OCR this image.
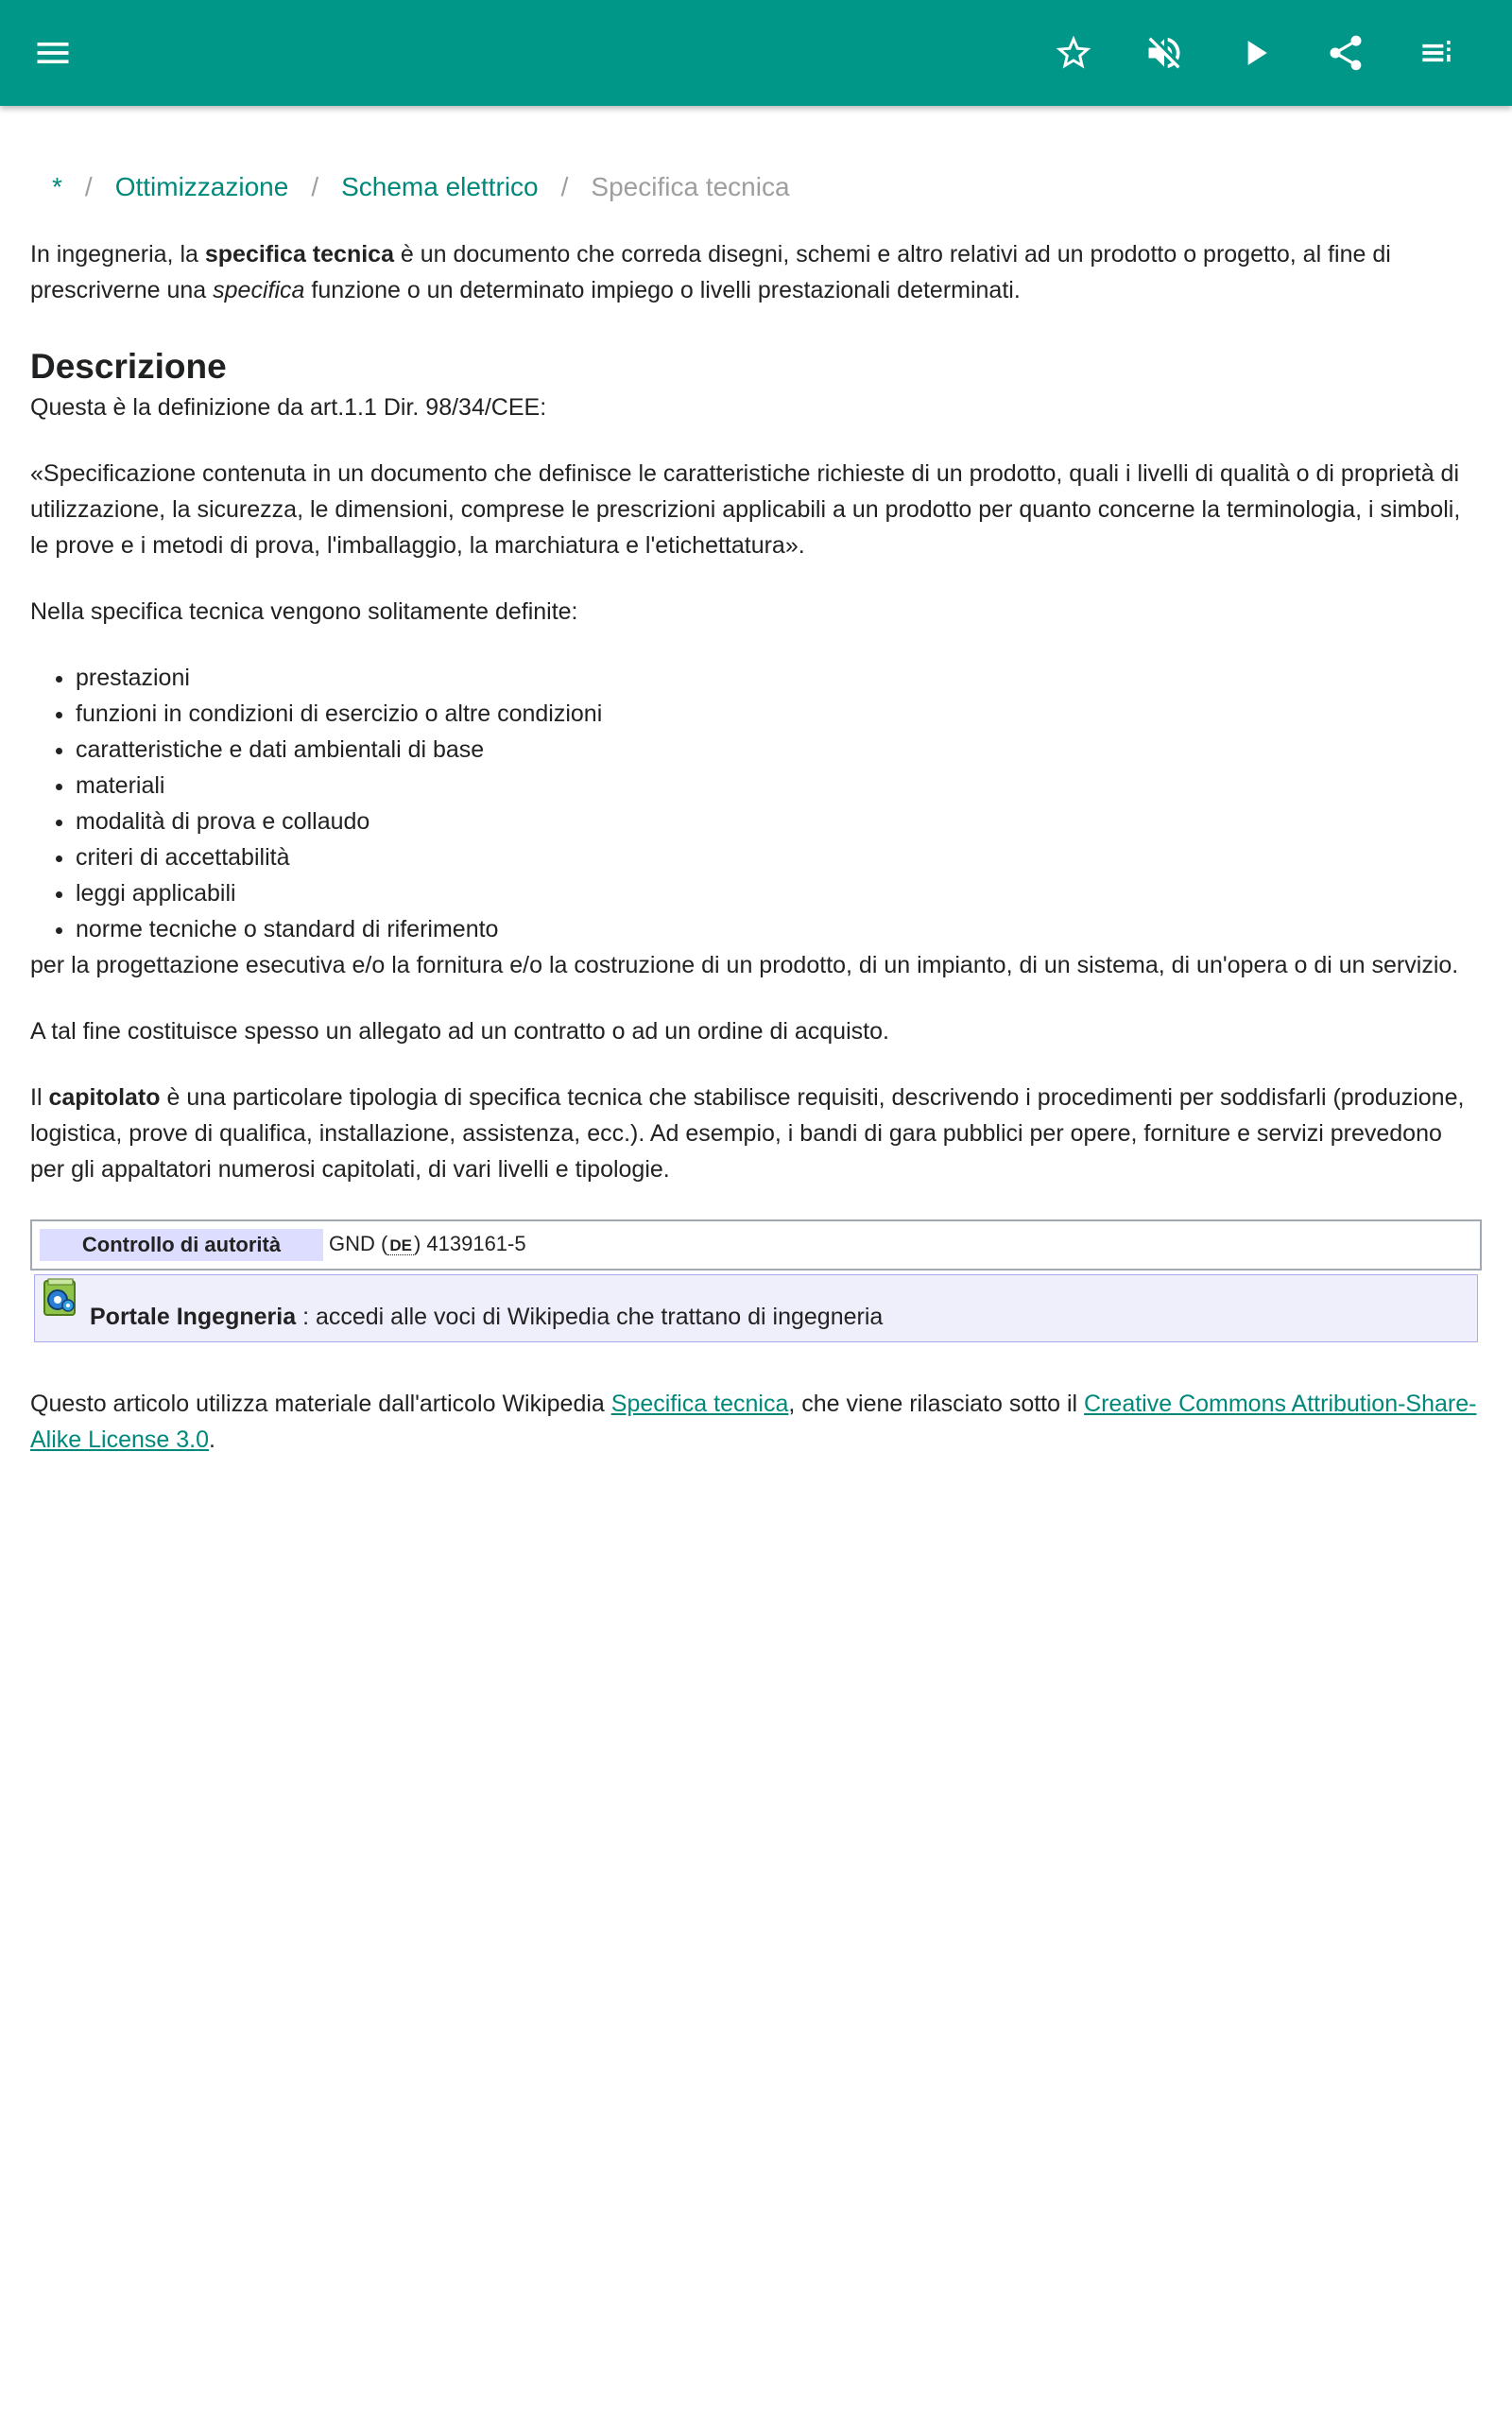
* / Ottimizzazione / Schema elettrico / Specifica tecnica

In ingegneria, la specifica tecnica è un documento che correda disegni, schemi e altro relativi ad un prodotto o progetto, al fine di prescriverne una specifica funzione o un determinato impiego o livelli prestazionali determinati.

Descrizione

Questa è la definizione da art.1.1 Dir. 98/34/CEE:

«Specificazione contenuta in un documento che definisce le caratteristiche richieste di un prodotto, quali i livelli di qualità o di proprietà di utilizzazione, la sicurezza, le dimensioni, comprese le prescrizioni applicabili a un prodotto per quanto concerne la terminologia, i simboli, le prove e i metodi di prova, l'imballaggio, la marchiatura e l'etichettatura».

Nella specifica tecnica vengono solitamente definite:

• prestazioni
• funzioni in condizioni di esercizio o altre condizioni
• caratteristiche e dati ambientali di base
• materiali
• modalità di prova e collaudo
• criteri di accettabilità
• leggi applicabili
• norme tecniche o standard di riferimento

per la progettazione esecutiva e/o la fornitura e/o la costruzione di un prodotto, di un impianto, di un sistema, di un'opera o di un servizio.

A tal fine costituisce spesso un allegato ad un contratto o ad un ordine di acquisto.

Il capitolato è una particolare tipologia di specifica tecnica che stabilisce requisiti, descrivendo i procedimenti per soddisfarli (produzione, logistica, prove di qualifica, installazione, assistenza, ecc.). Ad esempio, i bandi di gara pubblici per opere, forniture e servizi prevedono per gli appaltatori numerosi capitolati, di vari livelli e tipologie.

Controllo di autorità	GND ( DE) 4139161-5
Portale Ingegneria : accedi alle voci di Wikipedia che trattano di ingegneria

Questo articolo utilizza materiale dall'articolo Wikipedia Specifica tecnica, che viene rilasciato sotto il Creative Commons Attribution-Share-Alike License 3.0.
